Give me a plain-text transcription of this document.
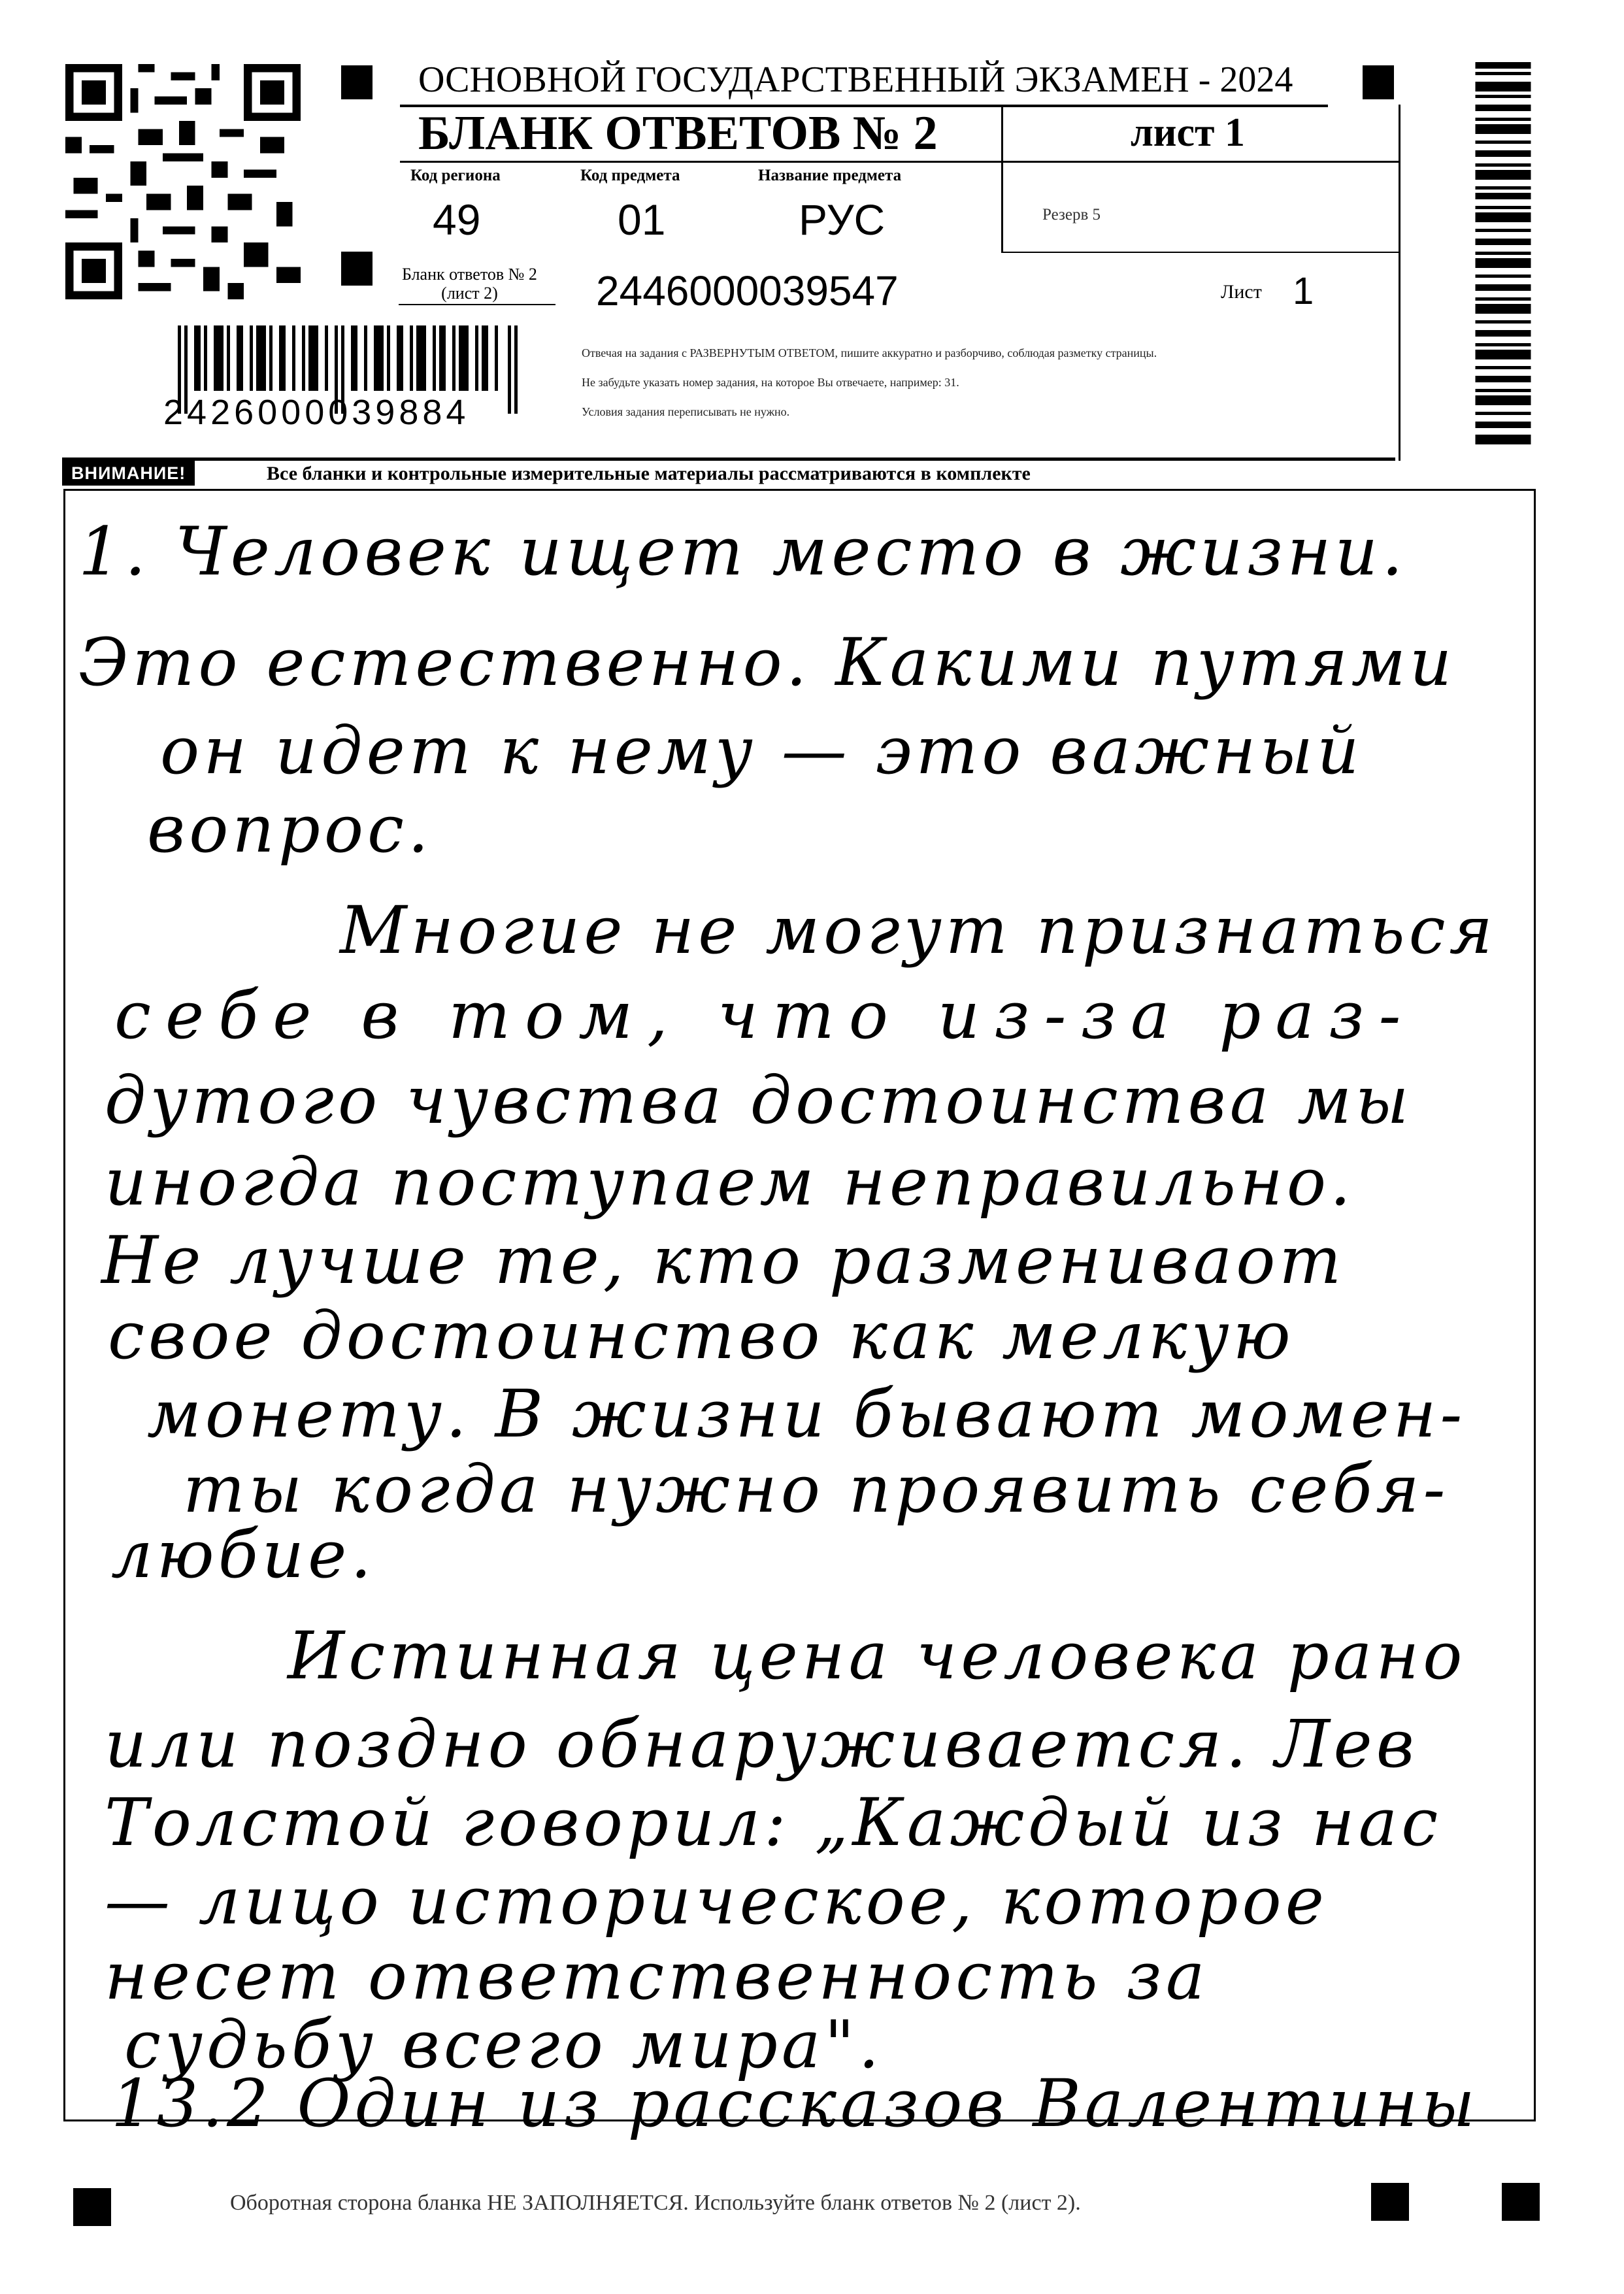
ОСНОВНОЙ ГОСУДАРСТВЕННЫЙ ЭКЗАМЕН - 2024
БЛАНК ОТВЕТОВ № 2	лист 1
Код региона
49
Код предмета
01
Название предмета
РУС	Резерв 5
Бланк ответов № 2
(лист 2)	2446000039547	Лист 1
2426000039884
Отвечая на задания с РАЗВЕРНУТЫМ ОТВЕТОМ, пишите аккуратно и разборчиво, соблюдая разметку страницы.
Не забудьте указать номер задания, на которое Вы отвечаете, например: 31.
Условия задания переписывать не нужно.
ВНИМАНИЕ!	Все бланки и контрольные измерительные материалы рассматриваются в комплекте
1. Человек ищет место в жизни.
Это естественно. Какими путями
он идет к нему — это важный
вопрос.
Многие не могут признаться
себе в том, что из-за раз-
дутого чувства достоинства мы
иногда поступаем неправильно.
Не лучше те, кто размениваот
свое достоинство как мелкую
монету. В жизни бывают момен-
ты когда нужно проявить себя-
любие.
Истинная цена человека рано
или поздно обнаруживается. Лев
Толстой говорил: „Каждый из нас
— лицо историческое, которое
несет ответственность за
судьбу всего мира".
13.2 Один из рассказов Валентины
Оборотная сторона бланка НЕ ЗАПОЛНЯЕТСЯ. Используйте бланк ответов № 2 (лист 2).
